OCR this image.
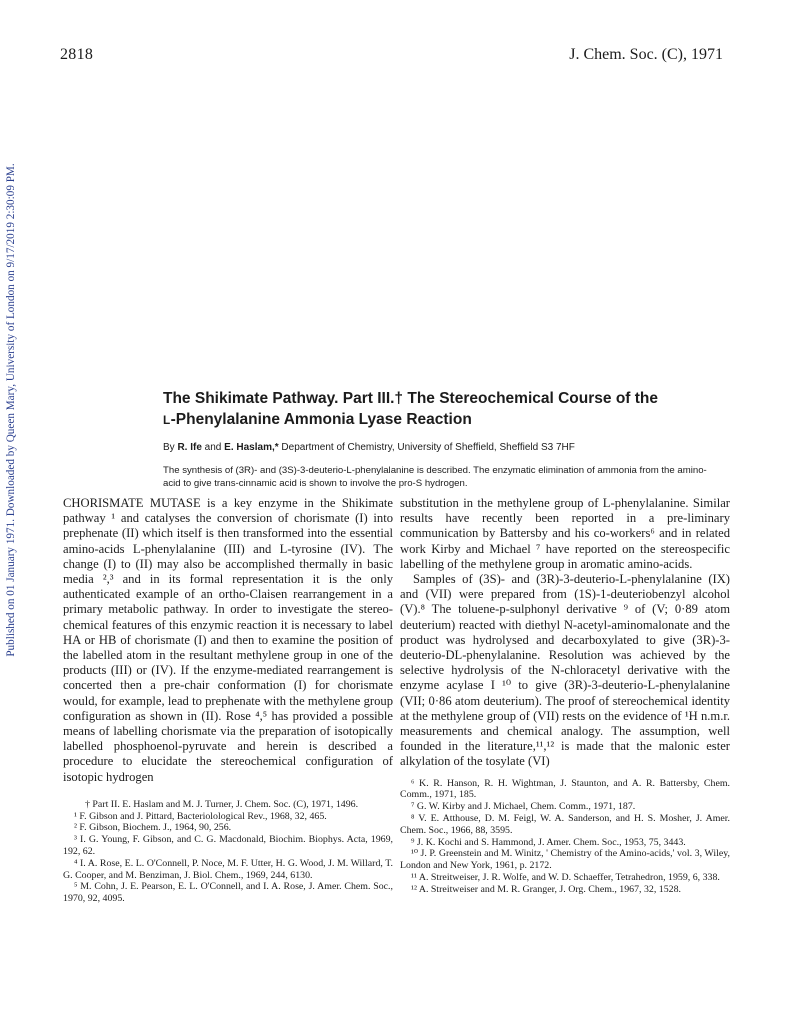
Published on 01 January 1971. Downloaded by Queen Mary, University of London on 9/17/2019 2:30:09 PM.
2818	J. Chem. Soc. (C), 1971
The Shikimate Pathway. Part III.† The Stereochemical Course of the
L-Phenylalanine Ammonia Lyase Reaction
By R. Ife and E. Haslam,* Department of Chemistry, University of Sheffield, Sheffield S3 7HF
The synthesis of (3R)- and (3S)-3-deuterio-L-phenylalanine is described. The enzymatic elimination of ammonia from the amino-acid to give trans-cinnamic acid is shown to involve the pro-S hydrogen.

CHORISMATE MUTASE is a key enzyme in the Shikimate pathway ¹ and catalyses the conversion of chorismate (I) into prephenate (II) which itself is then transformed into the essential amino-acids L-phenylalanine (III) and L-tyrosine (IV). The change (I) to (II) may also be accomplished thermally in basic media ²,³ and in its formal representation it is the only authenticated example of an ortho-Claisen rearrangement in a primary metabolic pathway. In order to investigate the stereo-chemical features of this enzymic reaction it is necessary to label HA or HB of chorismate (I) and then to examine the position of the labelled atom in the resultant methylene group in one of the products (III) or (IV). If the enzyme-mediated rearrangement is concerted then a pre-chair conformation (I) for chorismate would, for example, lead to prephenate with the methylene group configuration as shown in (II). Rose ⁴,⁵ has provided a possible means of labelling chorismate via the preparation of isotopically labelled phosphoenol-pyruvate and herein is described a procedure to elucidate the stereochemical configuration of isotopic hydrogen

† Part II. E. Haslam and M. J. Turner, J. Chem. Soc. (C), 1971, 1496.

¹ F. Gibson and J. Pittard, Bacteriolological Rev., 1968, 32, 465.

² F. Gibson, Biochem. J., 1964, 90, 256.

³ I. G. Young, F. Gibson, and C. G. Macdonald, Biochim. Biophys. Acta, 1969, 192, 62.

⁴ I. A. Rose, E. L. O'Connell, P. Noce, M. F. Utter, H. G. Wood, J. M. Willard, T. G. Cooper, and M. Benziman, J. Biol. Chem., 1969, 244, 6130.

⁵ M. Cohn, J. E. Pearson, E. L. O'Connell, and I. A. Rose, J. Amer. Chem. Soc., 1970, 92, 4095.

substitution in the methylene group of L-phenylalanine. Similar results have recently been reported in a pre-liminary communication by Battersby and his co-workers⁶ and in related work Kirby and Michael ⁷ have reported on the stereospecific labelling of the methylene group in aromatic amino-acids.

Samples of (3S)- and (3R)-3-deuterio-L-phenylalanine (IX) and (VII) were prepared from (1S)-1-deuteriobenzyl alcohol (V).⁸ The toluene-p-sulphonyl derivative ⁹ of (V; 0·89 atom deuterium) reacted with diethyl N-acetyl-aminomalonate and the product was hydrolysed and decarboxylated to give (3R)-3-deuterio-DL-phenylalanine. Resolution was achieved by the selective hydrolysis of the N-chloracetyl derivative with the enzyme acylase I ¹⁰ to give (3R)-3-deuterio-L-phenylalanine (VII; 0·86 atom deuterium). The proof of stereochemical identity at the methylene group of (VII) rests on the evidence of ¹H n.m.r. measurements and chemical analogy. The assumption, well founded in the literature,¹¹,¹² is made that the malonic ester alkylation of the tosylate (VI)

⁶ K. R. Hanson, R. H. Wightman, J. Staunton, and A. R. Battersby, Chem. Comm., 1971, 185.

⁷ G. W. Kirby and J. Michael, Chem. Comm., 1971, 187.

⁸ V. E. Atthouse, D. M. Feigl, W. A. Sanderson, and H. S. Mosher, J. Amer. Chem. Soc., 1966, 88, 3595.

⁹ J. K. Kochi and S. Hammond, J. Amer. Chem. Soc., 1953, 75, 3443.

¹⁰ J. P. Greenstein and M. Winitz, ' Chemistry of the Amino-acids,' vol. 3, Wiley, London and New York, 1961, p. 2172.

¹¹ A. Streitweiser, J. R. Wolfe, and W. D. Schaeffer, Tetrahedron, 1959, 6, 338.

¹² A. Streitweiser and M. R. Granger, J. Org. Chem., 1967, 32, 1528.
